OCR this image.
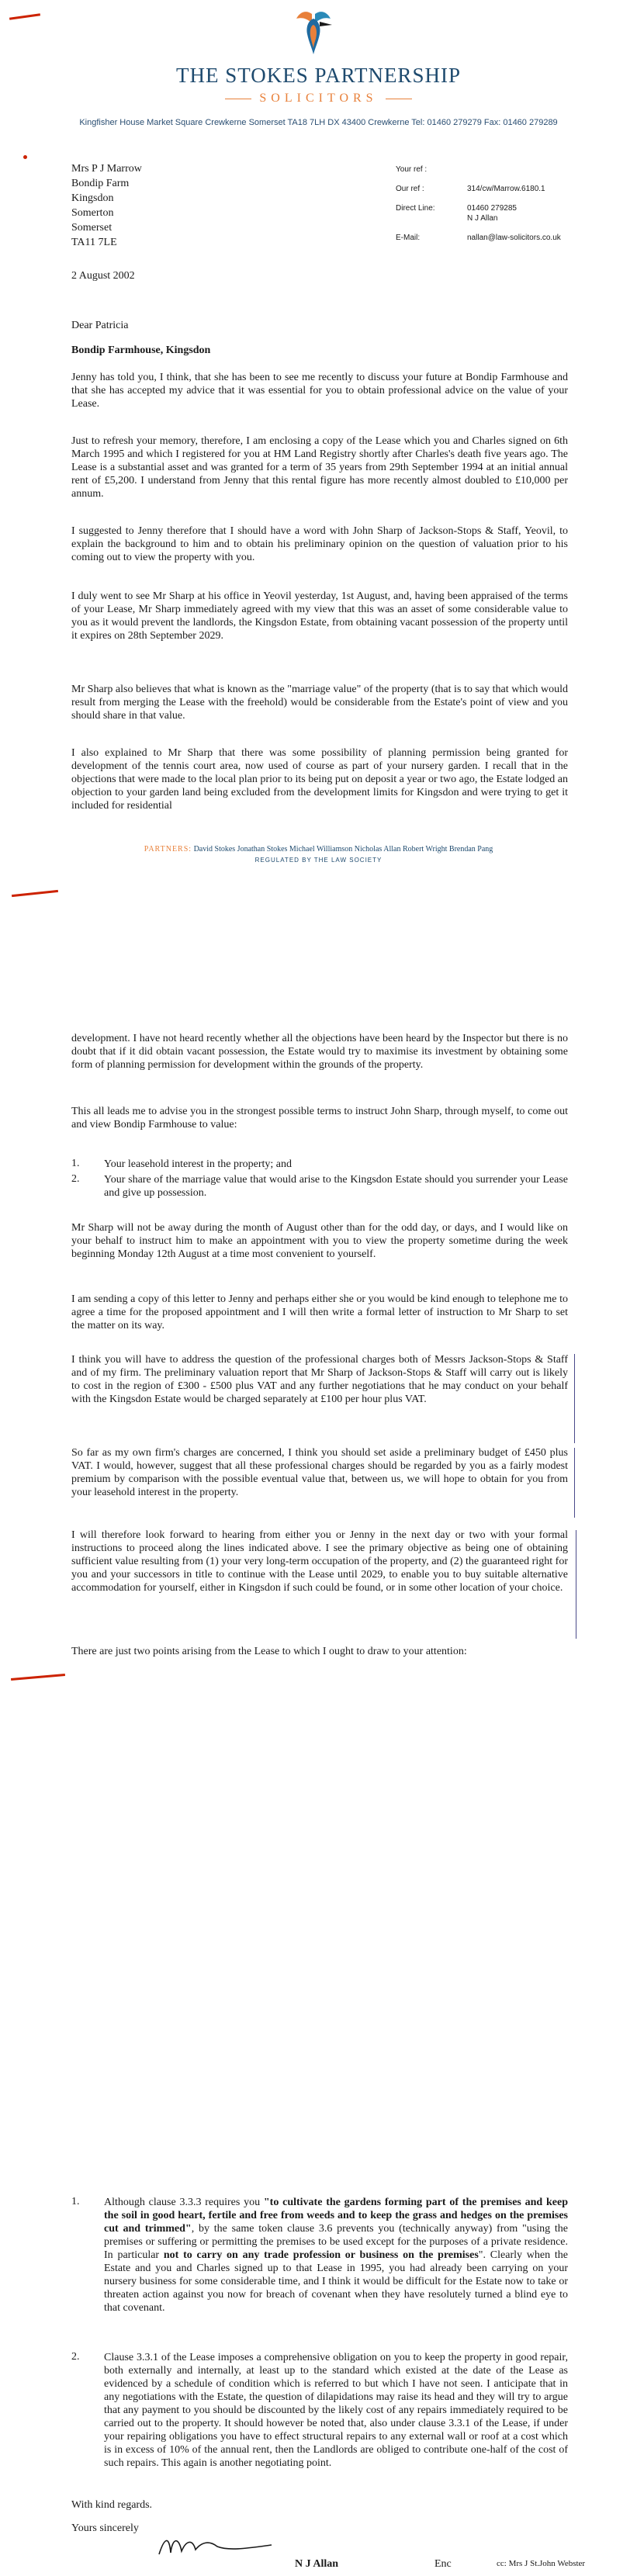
THE STOKES PARTNERSHIP
SOLICITORS
Kingfisher House Market Square Crewkerne Somerset TA18 7LH DX 43400 Crewkerne Tel: 01460 279279 Fax: 01460 279289
Mrs P J Marrow
Bondip Farm
Kingsdon
Somerton
Somerset
TA11 7LE
Your ref :
Our ref :	314/cw/Marrow.6180.1
Direct Line:	01460 279285
N J Allan
E-Mail:	nallan@law-solicitors.co.uk
2 August 2002
Dear Patricia
Bondip Farmhouse, Kingsdon
Jenny has told you, I think, that she has been to see me recently to discuss your future at Bondip Farmhouse and that she has accepted my advice that it was essential for you to obtain professional advice on the value of your Lease.
Just to refresh your memory, therefore, I am enclosing a copy of the Lease which you and Charles signed on 6th March 1995 and which I registered for you at HM Land Registry shortly after Charles's death five years ago. The Lease is a substantial asset and was granted for a term of 35 years from 29th September 1994 at an initial annual rent of £5,200. I understand from Jenny that this rental figure has more recently almost doubled to £10,000 per annum.
I suggested to Jenny therefore that I should have a word with John Sharp of Jackson-Stops & Staff, Yeovil, to explain the background to him and to obtain his preliminary opinion on the question of valuation prior to his coming out to view the property with you.
I duly went to see Mr Sharp at his office in Yeovil yesterday, 1st August, and, having been appraised of the terms of your Lease, Mr Sharp immediately agreed with my view that this was an asset of some considerable value to you as it would prevent the landlords, the Kingsdon Estate, from obtaining vacant possession of the property until it expires on 28th September 2029.
Mr Sharp also believes that what is known as the "marriage value" of the property (that is to say that which would result from merging the Lease with the freehold) would be considerable from the Estate's point of view and you should share in that value.
I also explained to Mr Sharp that there was some possibility of planning permission being granted for development of the tennis court area, now used of course as part of your nursery garden. I recall that in the objections that were made to the local plan prior to its being put on deposit a year or two ago, the Estate lodged an objection to your garden land being excluded from the development limits for Kingsdon and were trying to get it included for residential
PARTNERS: David Stokes Jonathan Stokes Michael Williamson Nicholas Allan Robert Wright Brendan Pang
REGULATED BY THE LAW SOCIETY
development. I have not heard recently whether all the objections have been heard by the Inspector but there is no doubt that if it did obtain vacant possession, the Estate would try to maximise its investment by obtaining some form of planning permission for development within the grounds of the property.
This all leads me to advise you in the strongest possible terms to instruct John Sharp, through myself, to come out and view Bondip Farmhouse to value:
1. Your leasehold interest in the property; and
2. Your share of the marriage value that would arise to the Kingsdon Estate should you surrender your Lease and give up possession.
Mr Sharp will not be away during the month of August other than for the odd day, or days, and I would like on your behalf to instruct him to make an appointment with you to view the property sometime during the week beginning Monday 12th August at a time most convenient to yourself.
I am sending a copy of this letter to Jenny and perhaps either she or you would be kind enough to telephone me to agree a time for the proposed appointment and I will then write a formal letter of instruction to Mr Sharp to set the matter on its way.
I think you will have to address the question of the professional charges both of Messrs Jackson-Stops & Staff and of my firm. The preliminary valuation report that Mr Sharp of Jackson-Stops & Staff will carry out is likely to cost in the region of £300 - £500 plus VAT and any further negotiations that he may conduct on your behalf with the Kingsdon Estate would be charged separately at £100 per hour plus VAT.
So far as my own firm's charges are concerned, I think you should set aside a preliminary budget of £450 plus VAT. I would, however, suggest that all these professional charges should be regarded by you as a fairly modest premium by comparison with the possible eventual value that, between us, we will hope to obtain for you from your leasehold interest in the property.
I will therefore look forward to hearing from either you or Jenny in the next day or two with your formal instructions to proceed along the lines indicated above. I see the primary objective as being one of obtaining sufficient value resulting from (1) your very long-term occupation of the property, and (2) the guaranteed right for you and your successors in title to continue with the Lease until 2029, to enable you to buy suitable alternative accommodation for yourself, either in Kingsdon if such could be found, or in some other location of your choice.
There are just two points arising from the Lease to which I ought to draw to your attention:
1. Although clause 3.3.3 requires you "to cultivate the gardens forming part of the premises and keep the soil in good heart, fertile and free from weeds and to keep the grass and hedges on the premises cut and trimmed", by the same token clause 3.6 prevents you (technically anyway) from "using the premises or suffering or permitting the premises to be used except for the purposes of a private residence. In particular not to carry on any trade profession or business on the premises". Clearly when the Estate and you and Charles signed up to that Lease in 1995, you had already been carrying on your nursery business for some considerable time, and I think it would be difficult for the Estate now to take or threaten action against you now for breach of covenant when they have resolutely turned a blind eye to that covenant.
2. Clause 3.3.1 of the Lease imposes a comprehensive obligation on you to keep the property in good repair, both externally and internally, at least up to the standard which existed at the date of the Lease as evidenced by a schedule of condition which is referred to but which I have not seen. I anticipate that in any negotiations with the Estate, the question of dilapidations may raise its head and they will try to argue that any payment to you should be discounted by the likely cost of any repairs immediately required to be carried out to the property. It should however be noted that, also under clause 3.3.1 of the Lease, if under your repairing obligations you have to effect structural repairs to any external wall or roof at a cost which is in excess of 10% of the annual rent, then the Landlords are obliged to contribute one-half of the cost of such repairs. This again is another negotiating point.
With kind regards.
Yours sincerely
N J Allan	Enc	cc: Mrs J St.John Webster
